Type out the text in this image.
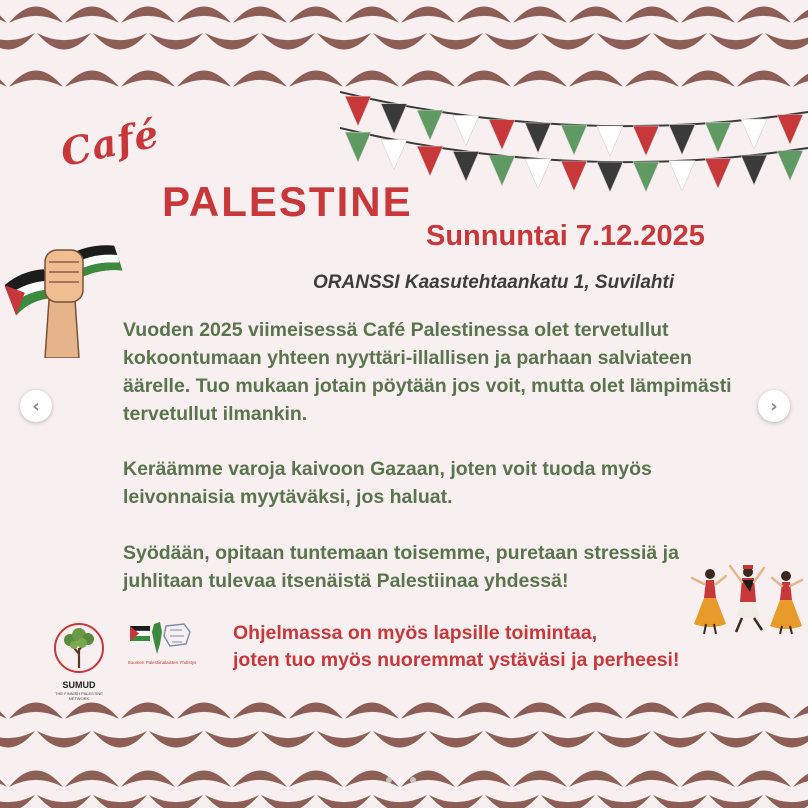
Café
PALESTINE
Sunnuntai 7.12.2025
ORANSSI Kaasutehtaankatu 1, Suvilahti
Vuoden 2025 viimeisessä Café Palestinessa olet tervetullut
kokoontumaan yhteen nyyttäri-illallisen ja parhaan salviateen
äärelle. Tuo mukaan jotain pöytään jos voit, mutta olet lämpimästi
tervetullut ilmankin.
Keräämme varoja kaivoon Gazaan, joten voit tuoda myös
leivonnaisia myytäväksi, jos haluat.
Syödään, opitaan tuntemaan toisemme, puretaan stressiä ja
juhlitaan tulevaa itsenäistä Palestiinaa yhdessä!
Ohjelmassa on myös lapsille toimintaa,
joten tuo myös nuoremmat ystäväsi ja perheesi!
SUMUD
THE FINNISH PALESTINE NETWORK
Suomen Palestiinalaisten Yhdistys
‹	›
